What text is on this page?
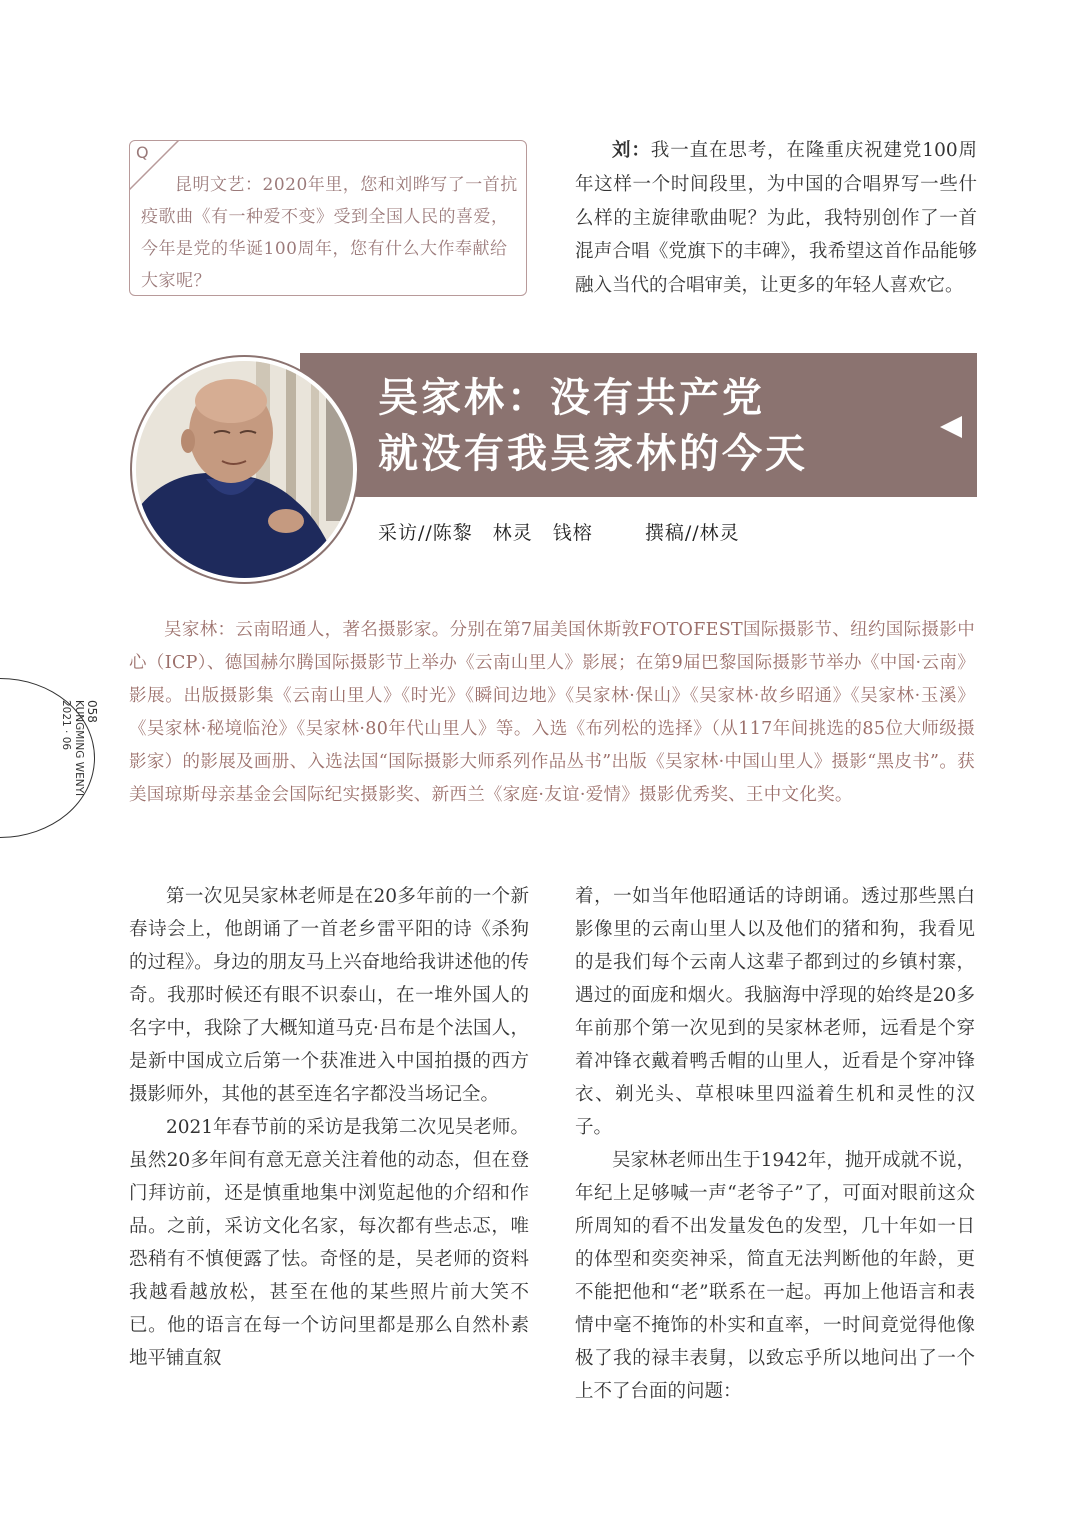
Q
昆明文艺：2020年里，您和刘晔写了一首抗疫歌曲《有一种爱不变》受到全国人民的喜爱，今年是党的华诞100周年，您有什么大作奉献给大家呢？
刘：我一直在思考，在隆重庆祝建党100周年这样一个时间段里，为中国的合唱界写一些什么样的主旋律歌曲呢？为此，我特别创作了一首混声合唱《党旗下的丰碑》，我希望这首作品能够融入当代的合唱审美，让更多的年轻人喜欢它。
吴家林：没有共产党
就没有我吴家林的今天
采访//陈黎　林灵　钱榕	撰稿//林灵
吴家林：云南昭通人，著名摄影家。分别在第7届美国休斯敦FOTOFEST国际摄影节、纽约国际摄影中心（ICP）、德国赫尔腾国际摄影节上举办《云南山里人》影展；在第9届巴黎国际摄影节举办《中国·云南》影展。出版摄影集《云南山里人》《时光》《瞬间边地》《吴家林·保山》《吴家林·故乡昭通》《吴家林·玉溪》《吴家林·秘境临沧》《吴家林·80年代山里人》等。入选《布列松的选择》（从117年间挑选的85位大师级摄影家）的影展及画册、入选法国“国际摄影大师系列作品丛书”出版《吴家林·中国山里人》摄影“黑皮书”。获美国琼斯母亲基金会国际纪实摄影奖、新西兰《家庭·友谊·爱情》摄影优秀奖、王中文化奖。
058
KUNGMING WENYI
2021 · 06

第一次见吴家林老师是在20多年前的一个新春诗会上，他朗诵了一首老乡雷平阳的诗《杀狗的过程》。身边的朋友马上兴奋地给我讲述他的传奇。我那时候还有眼不识泰山，在一堆外国人的名字中，我除了大概知道马克·吕布是个法国人，是新中国成立后第一个获准进入中国拍摄的西方摄影师外，其他的甚至连名字都没当场记全。

2021年春节前的采访是我第二次见吴老师。虽然20多年间有意无意关注着他的动态，但在登门拜访前，还是慎重地集中浏览起他的介绍和作品。之前，采访文化名家，每次都有些忐忑，唯恐稍有不慎便露了怯。奇怪的是，吴老师的资料我越看越放松，甚至在他的某些照片前大笑不已。他的语言在每一个访问里都是那么自然朴素地平铺直叙

着，一如当年他昭通话的诗朗诵。透过那些黑白影像里的云南山里人以及他们的猪和狗，我看见的是我们每个云南人这辈子都到过的乡镇村寨，遇过的面庞和烟火。我脑海中浮现的始终是20多年前那个第一次见到的吴家林老师，远看是个穿着冲锋衣戴着鸭舌帽的山里人，近看是个穿冲锋衣、剃光头、草根味里四溢着生机和灵性的汉子。

吴家林老师出生于1942年，抛开成就不说，年纪上足够喊一声“老爷子”了，可面对眼前这众所周知的看不出发量发色的发型，几十年如一日的体型和奕奕神采，简直无法判断他的年龄，更不能把他和“老”联系在一起。再加上他语言和表情中毫不掩饰的朴实和直率，一时间竟觉得他像极了我的禄丰表舅，以致忘乎所以地问出了一个上不了台面的问题：
